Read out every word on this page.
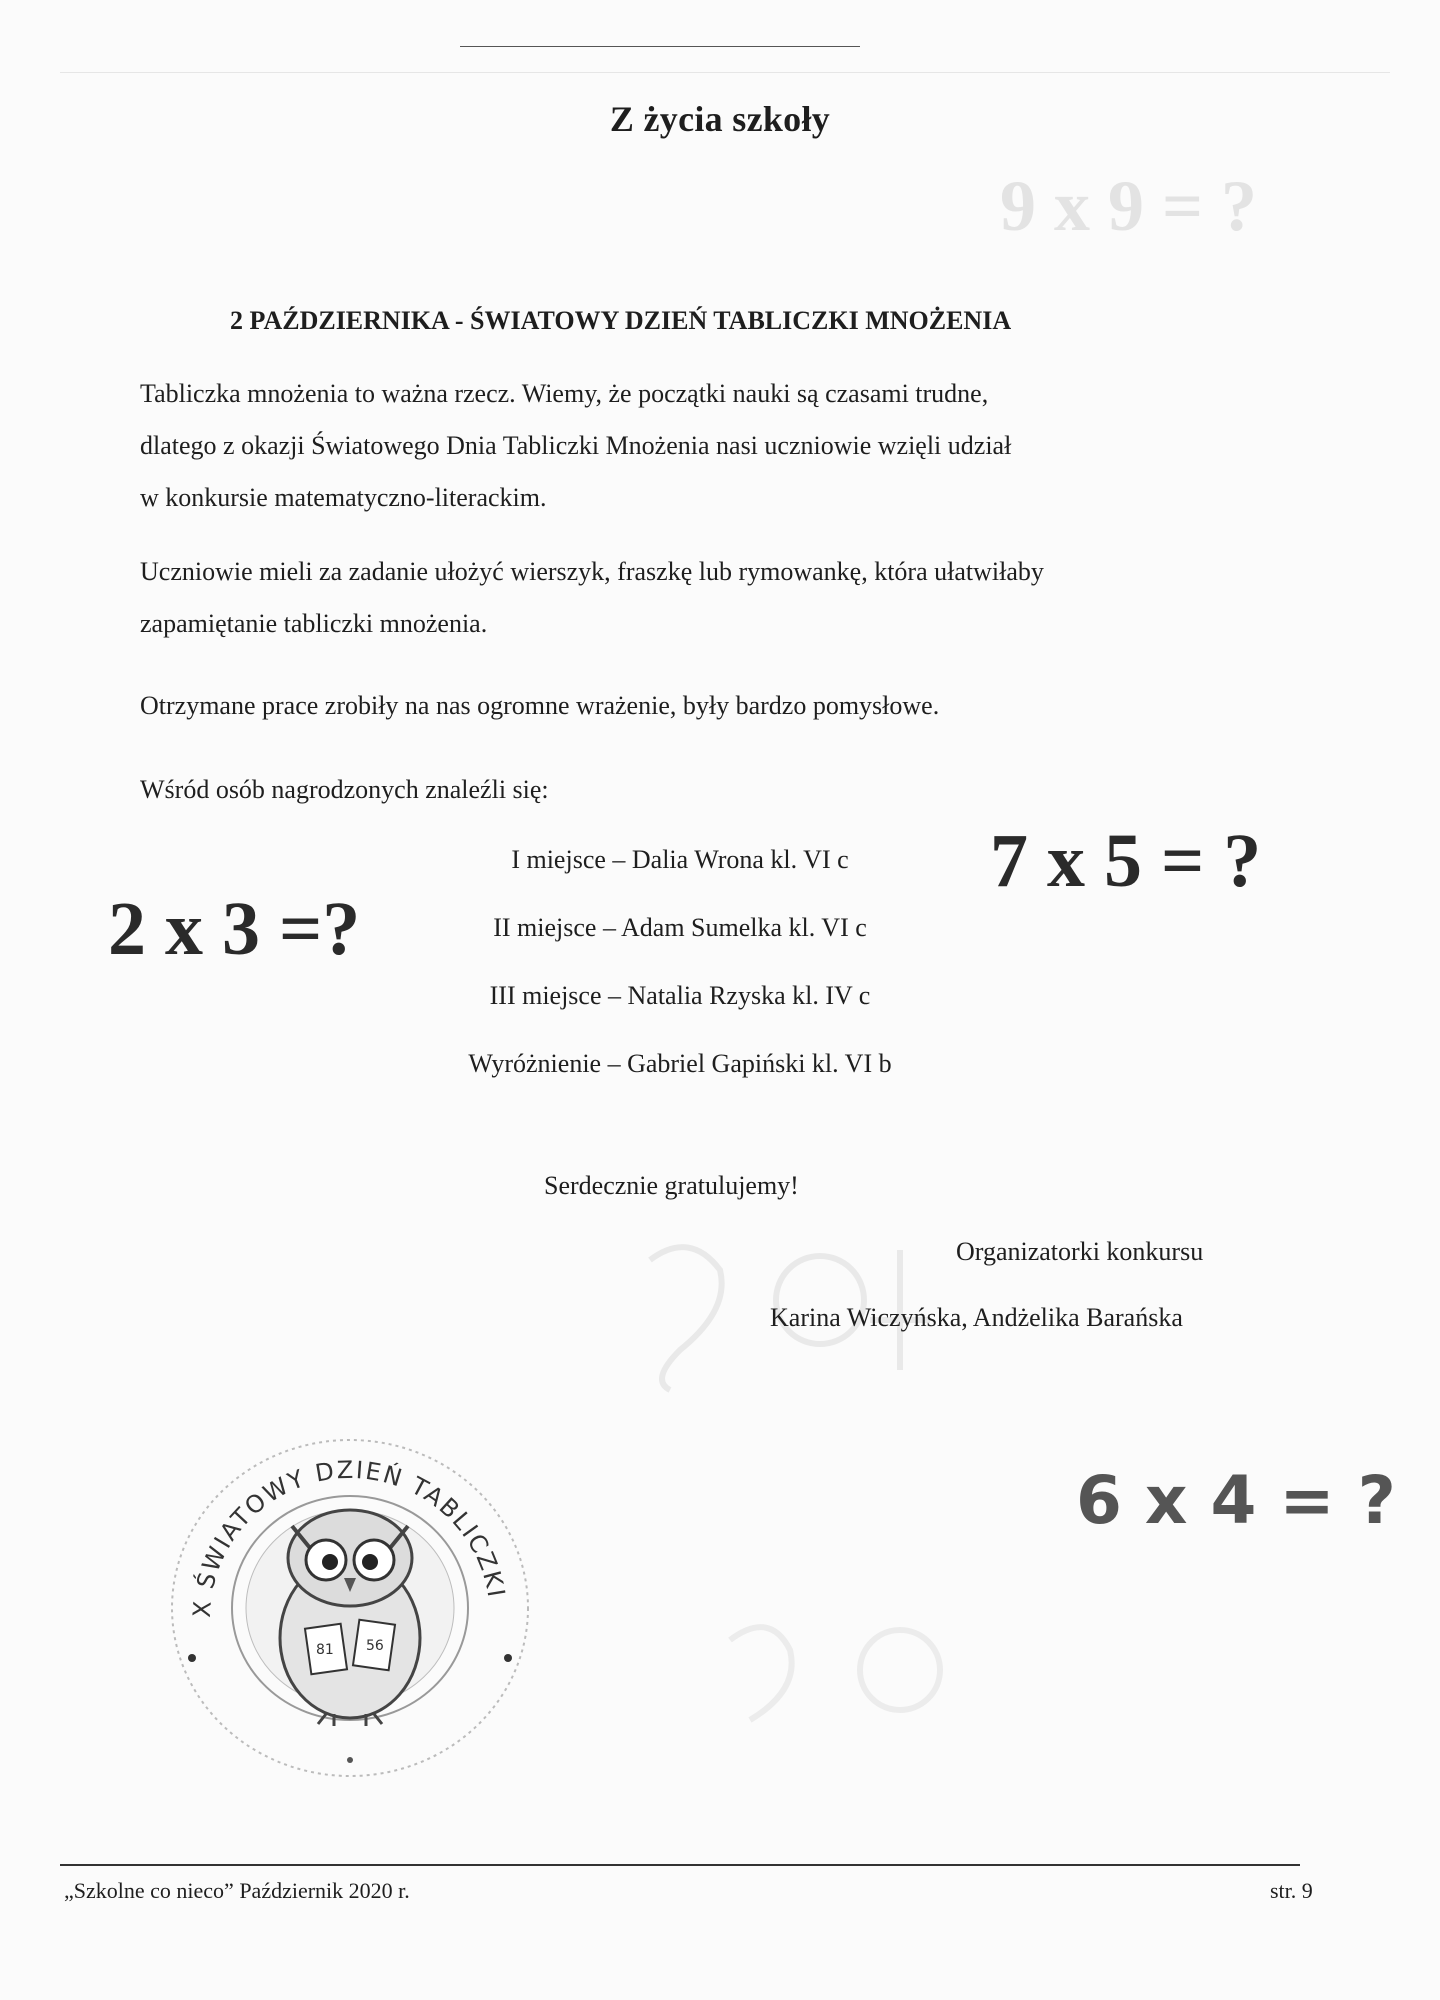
Z życia szkoły
9 x 9 = ?
2 PAŹDZIERNIKA - ŚWIATOWY DZIEŃ TABLICZKI MNOŻENIA
Tabliczka mnożenia to ważna rzecz. Wiemy, że początki nauki są czasami trudne,
dlatego z okazji Światowego Dnia Tabliczki Mnożenia nasi uczniowie wzięli udział
w konkursie matematyczno-literackim.
Uczniowie mieli za zadanie ułożyć wierszyk, fraszkę lub rymowankę, która ułatwiłaby
zapamiętanie tabliczki mnożenia.
Otrzymane prace zrobiły na nas ogromne wrażenie, były bardzo pomysłowe.
Wśród osób nagrodzonych znaleźli się:
I miejsce – Dalia Wrona kl. VI c
II miejsce – Adam Sumelka kl. VI c
III miejsce – Natalia Rzyska kl. IV c
Wyróżnienie – Gabriel Gapiński kl. VI b
2 x 3 =?
7 x 5 = ?
6 x 4 = ?
Serdecznie gratulujemy!
Organizatorki konkursu
Karina Wiczyńska, Andżelika Barańska
X ŚWIATOWY DZIEŃ TABLICZKI
81 56
„Szkolne co nieco” Październik 2020 r.	str. 9
